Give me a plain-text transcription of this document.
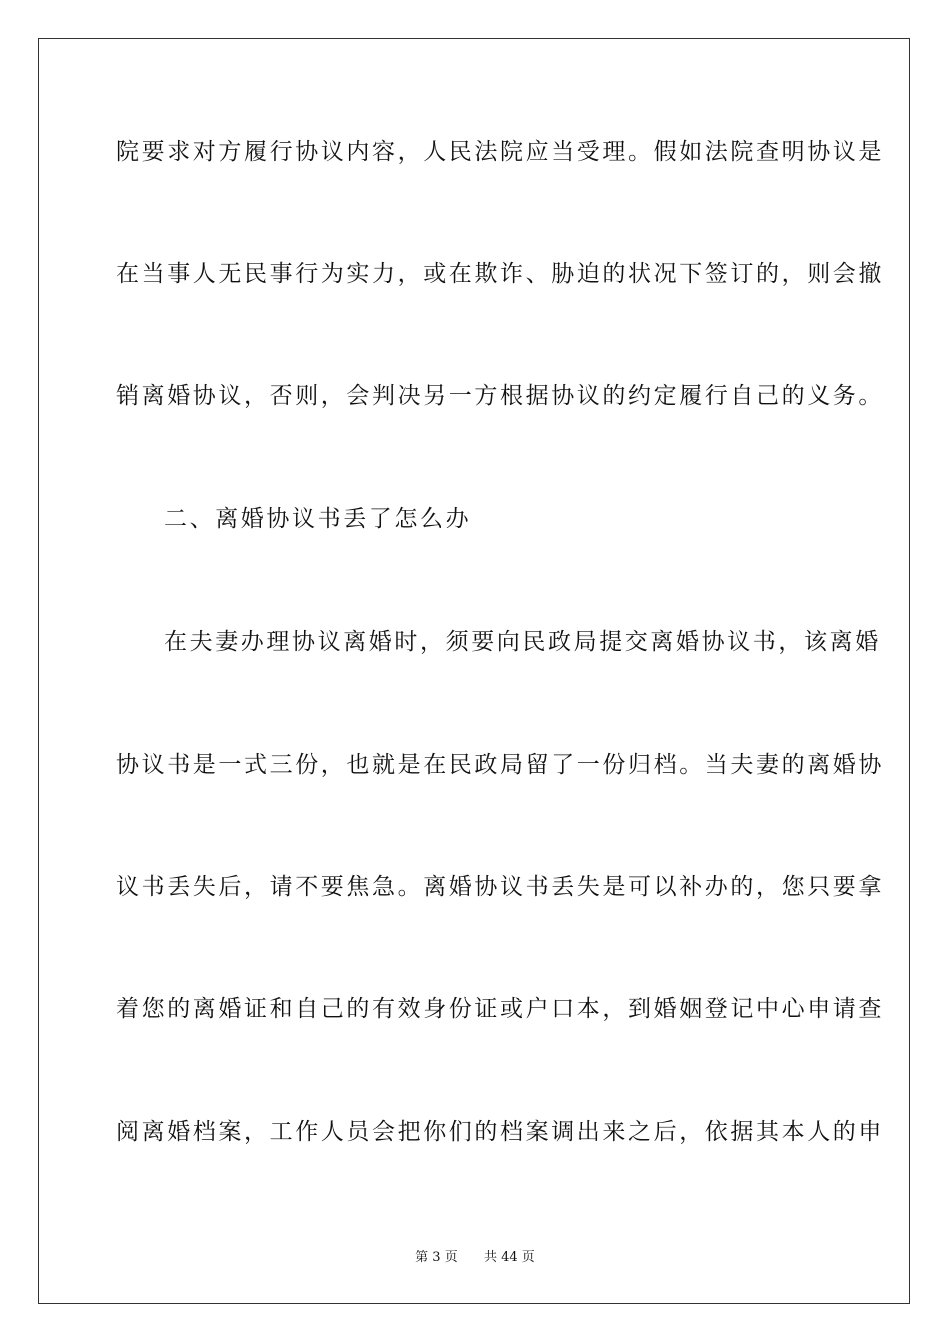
院要求对方履行协议内容，人民法院应当受理。假如法院查明协议是
在当事人无民事行为实力，或在欺诈、胁迫的状况下签订的，则会撤
销离婚协议，否则，会判决另一方根据协议的约定履行自己的义务。
二、离婚协议书丢了怎么办
在夫妻办理协议离婚时，须要向民政局提交离婚协议书，该离婚
协议书是一式三份，也就是在民政局留了一份归档。当夫妻的离婚协
议书丢失后，请不要焦急。离婚协议书丢失是可以补办的，您只要拿
着您的离婚证和自己的有效身份证或户口本，到婚姻登记中心申请查
阅离婚档案，工作人员会把你们的档案调出来之后，依据其本人的申
第 3 页 共 44 页
